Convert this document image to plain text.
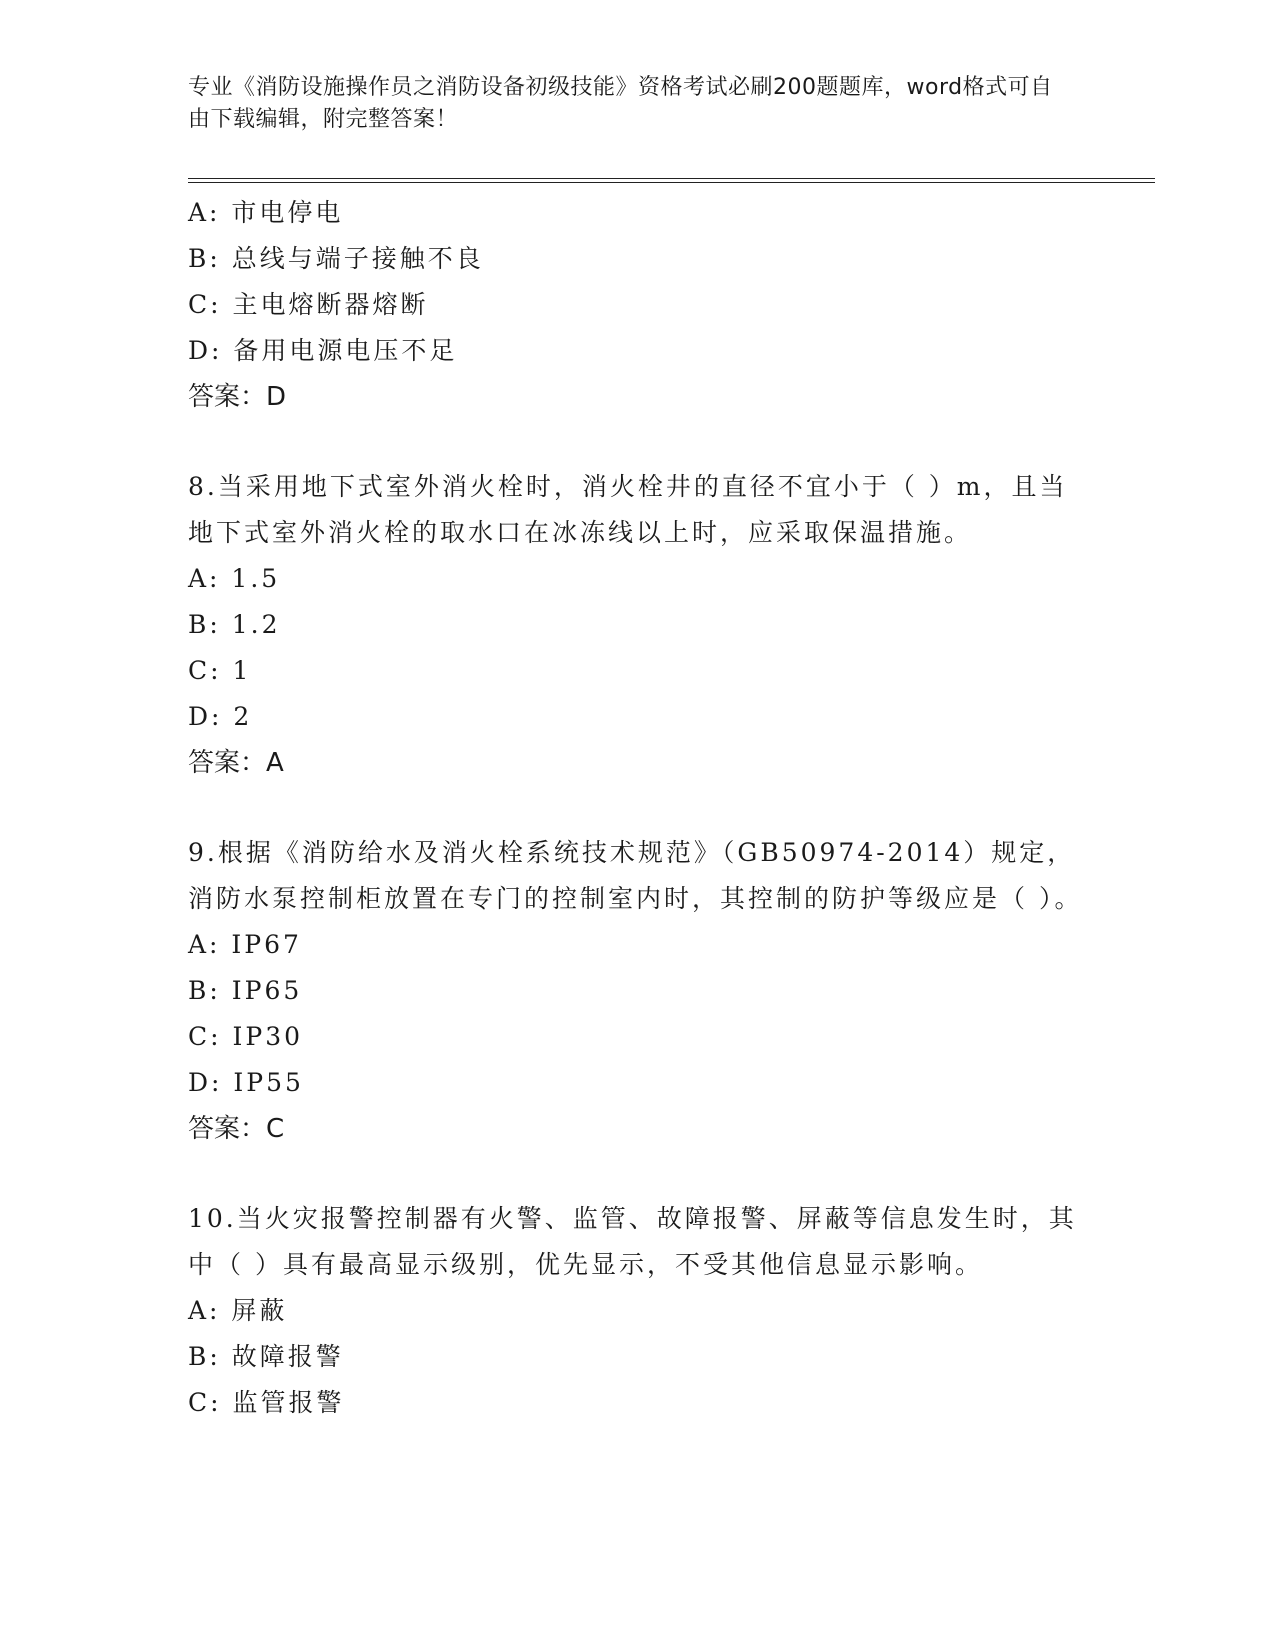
专业《消防设施操作员之消防设备初级技能》资格考试必刷200题题库，word格式可自由下载编辑，附完整答案！
A: 市电停电
B: 总线与端子接触不良
C: 主电熔断器熔断
D: 备用电源电压不足
答案：D
8.当采用地下式室外消火栓时，消火栓井的直径不宜小于（ ）m，且当地下式室外消火栓的取水口在冰冻线以上时，应采取保温措施。
A: 1.5
B: 1.2
C: 1
D: 2
答案：A
9.根据《消防给水及消火栓系统技术规范》（GB50974-2014）规定，消防水泵控制柜放置在专门的控制室内时，其控制的防护等级应是（ ）。
A: IP67
B: IP65
C: IP30
D: IP55
答案：C
10.当火灾报警控制器有火警、监管、故障报警、屏蔽等信息发生时，其中（ ）具有最高显示级别，优先显示，不受其他信息显示影响。
A: 屏蔽
B: 故障报警
C: 监管报警
